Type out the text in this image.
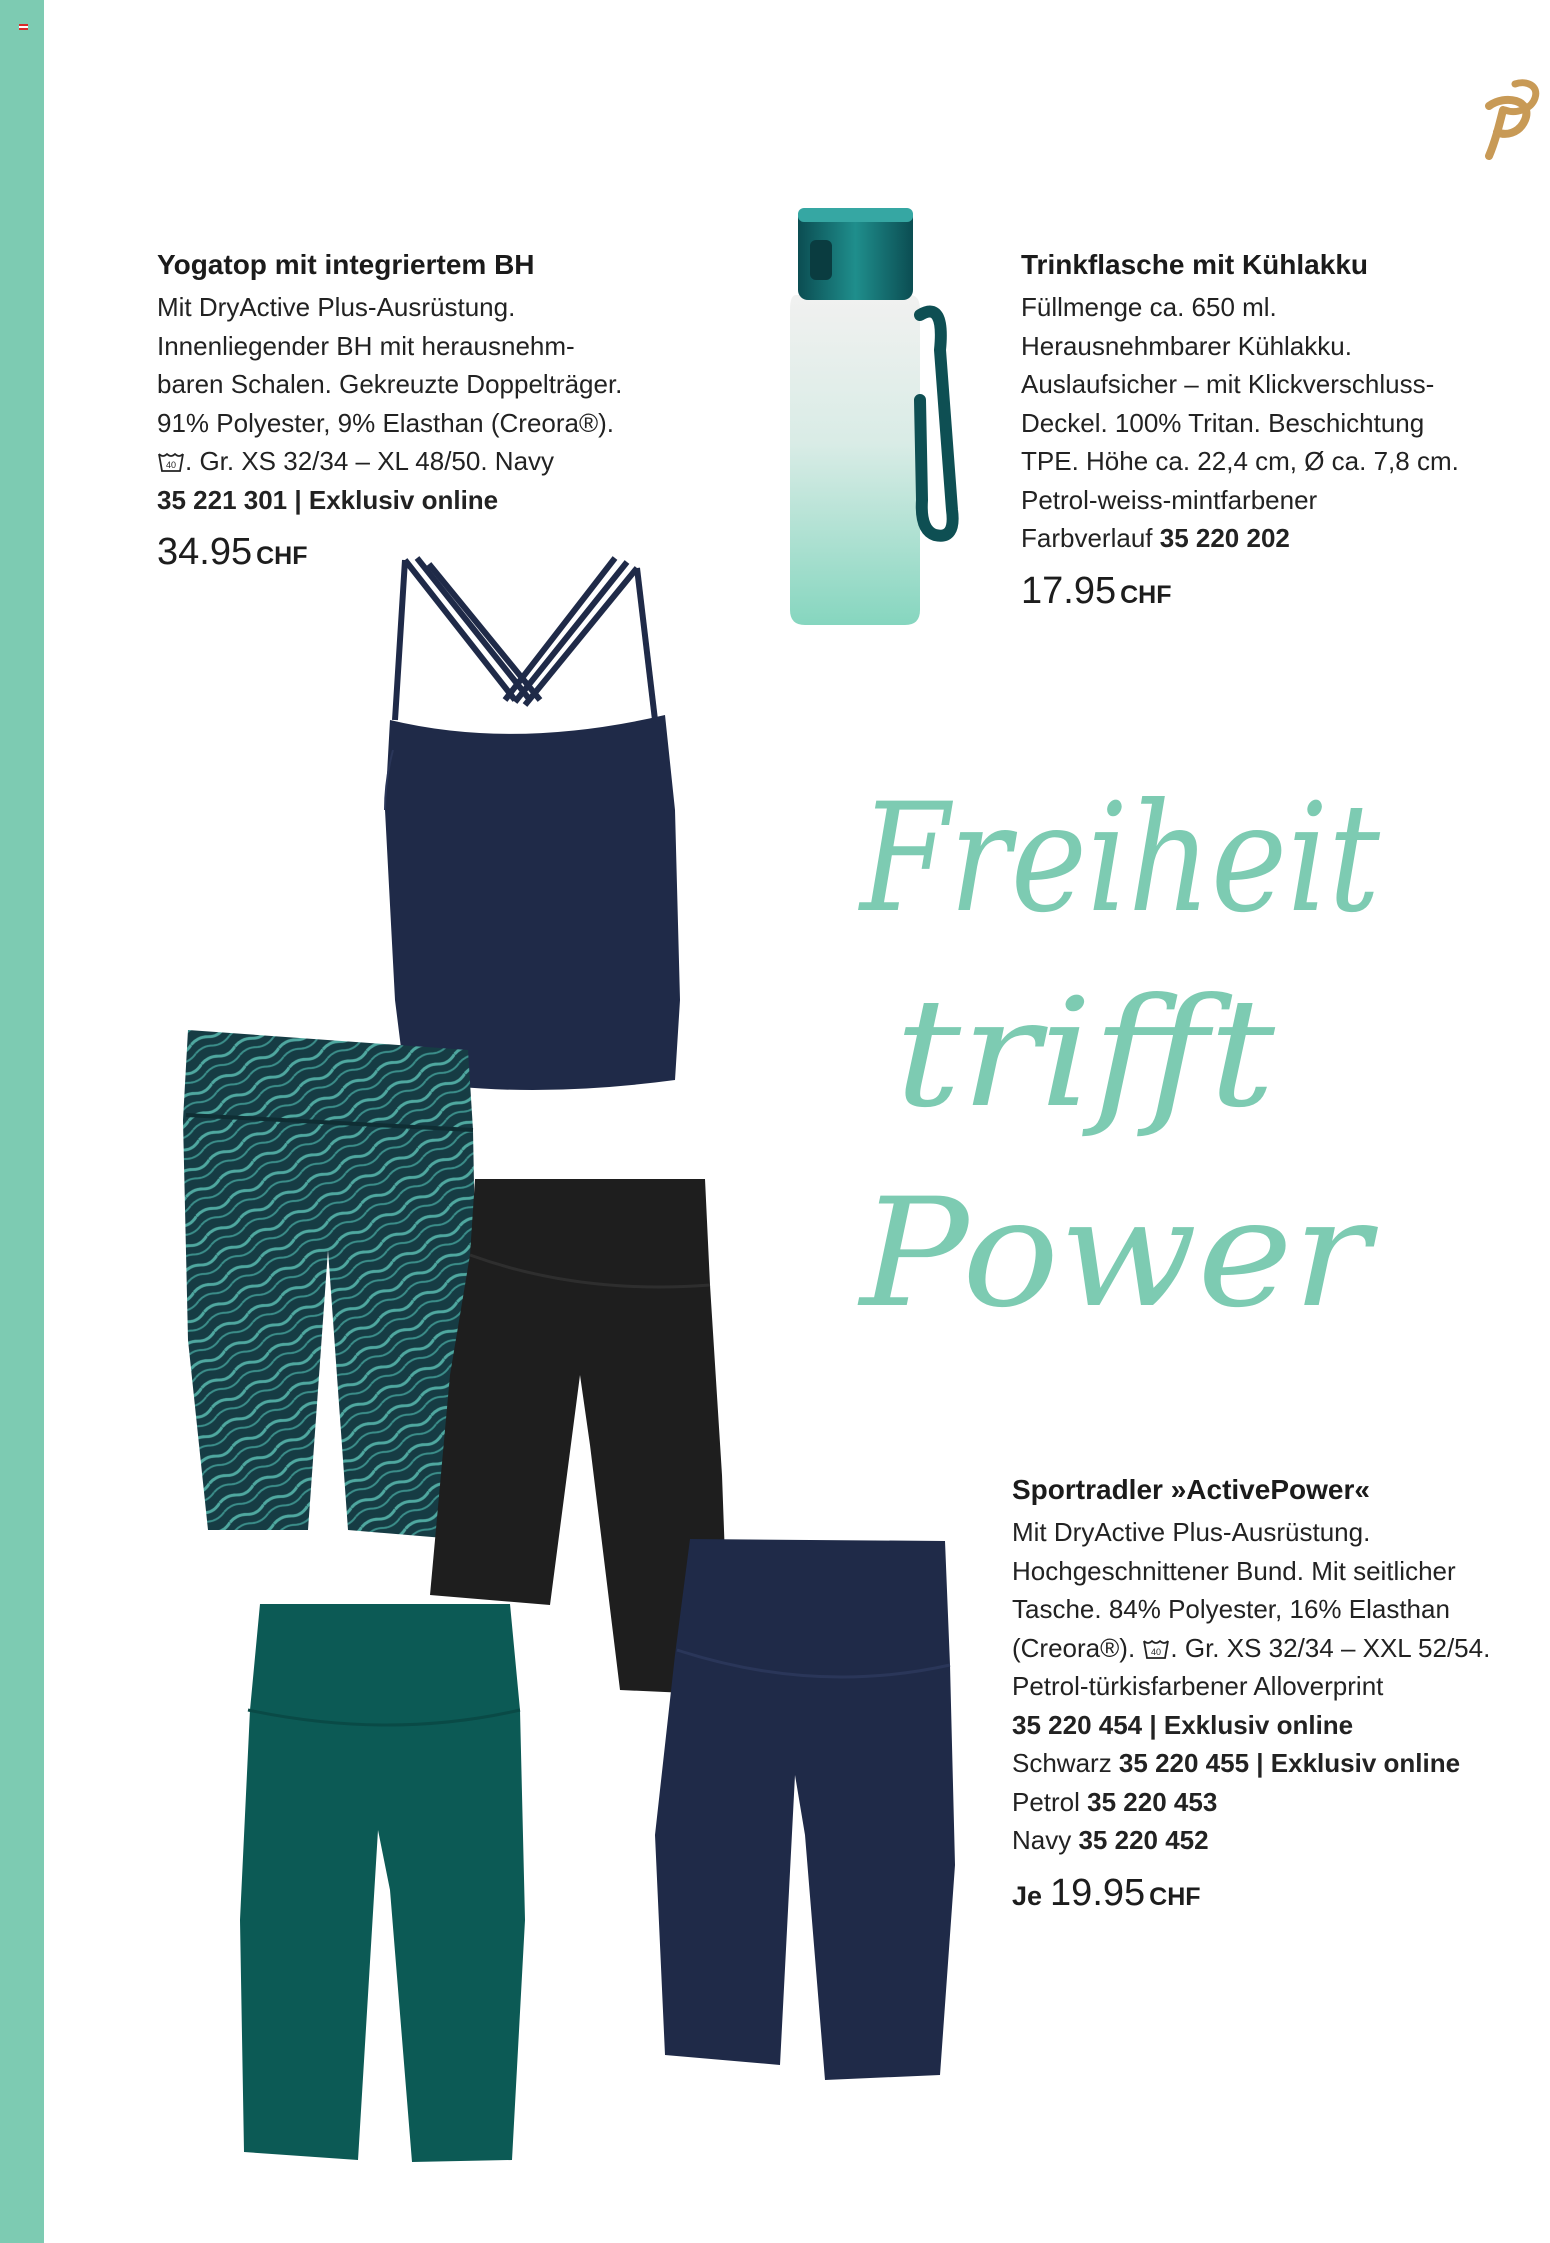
Yogatop mit integriertem BH
Mit DryActive Plus-Ausrüstung.
Innenliegender BH mit herausnehm-
baren Schalen. Gekreuzte Doppelträger.
91% Polyester, 9% Elasthan (Creora®).
40 . Gr. XS 32/34 – XL 48/50. Navy
35 221 301 | Exklusiv online
34.95 CHF
Trinkflasche mit Kühlakku
Füllmenge ca. 650 ml.
Herausnehmbarer Kühlakku.
Auslaufsicher – mit Klickverschluss-
Deckel. 100% Tritan. Beschichtung
TPE. Höhe ca. 22,4 cm, Ø ca. 7,8 cm.
Petrol-weiss-mintfarbener
Farbverlauf 35 220 202
17.95 CHF
Sportradler »ActivePower«
Mit DryActive Plus-Ausrüstung.
Hochgeschnittener Bund. Mit seitlicher
Tasche. 84% Polyester, 16% Elasthan
(Creora®). 40 . Gr. XS 32/34 – XXL 52/54.
Petrol-türkisfarbener Alloverprint
35 220 454 | Exklusiv online
Schwarz 35 220 455 | Exklusiv online
Petrol 35 220 453
Navy 35 220 452
Je 19.95 CHF
Freiheit
trifft
Power
